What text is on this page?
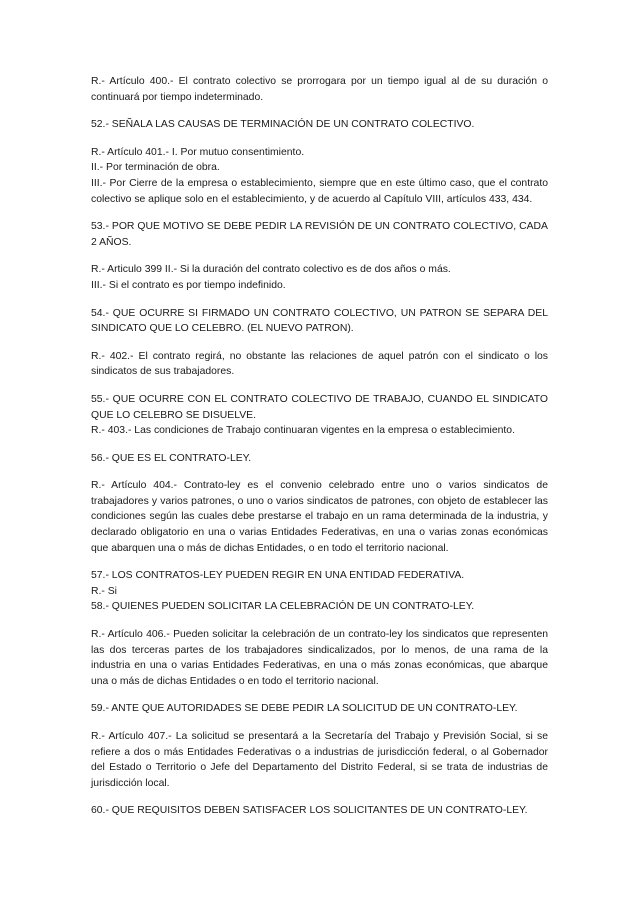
R.- Artículo 400.- El contrato colectivo se prorrogara por un tiempo igual al de su duración o continuará por tiempo indeterminado.

52.- SEÑALA LAS CAUSAS DE TERMINACIÓN DE UN CONTRATO COLECTIVO.

R.- Artículo 401.- I. Por mutuo consentimiento.

II.- Por terminación de obra.

III.- Por Cierre de la empresa o establecimiento, siempre que en este último caso, que el contrato colectivo se aplique solo en el establecimiento, y de acuerdo al Capítulo VIII, artículos 433, 434.

53.- POR QUE MOTIVO SE DEBE PEDIR LA REVISIÓN DE UN CONTRATO COLECTIVO, CADA 2 AÑOS.

R.- Articulo 399 II.- Si la duración del contrato colectivo es de dos años o más.

III.- Si el contrato es por tiempo indefinido.

54.- QUE OCURRE SI FIRMADO UN CONTRATO COLECTIVO, UN PATRON SE SEPARA DEL SINDICATO QUE LO CELEBRO. (EL NUEVO PATRON).

R.- 402.- El contrato regirá, no obstante las relaciones de aquel patrón con el sindicato o los sindicatos de sus trabajadores.

55.- QUE OCURRE CON EL CONTRATO COLECTIVO DE TRABAJO, CUANDO EL SINDICATO QUE LO CELEBRO SE DISUELVE.

R.- 403.- Las condiciones de Trabajo continuaran vigentes en la empresa o establecimiento.

56.- QUE ES EL CONTRATO-LEY.

R.- Artículo 404.- Contrato-ley es el convenio celebrado entre uno o varios sindicatos de trabajadores y varios patrones, o uno o varios sindicatos de patrones, con objeto de establecer las condiciones según las cuales debe prestarse el trabajo en un rama determinada de la industria, y declarado obligatorio en una o varias Entidades Federativas, en una o varias zonas económicas que abarquen una o más de dichas Entidades, o en todo el territorio nacional.

57.- LOS CONTRATOS-LEY PUEDEN REGIR EN UNA ENTIDAD FEDERATIVA.

R.- Si

58.- QUIENES PUEDEN SOLICITAR LA CELEBRACIÓN DE UN CONTRATO-LEY.

R.- Artículo 406.- Pueden solicitar la celebración de un contrato-ley los sindicatos que representen las dos terceras partes de los trabajadores sindicalizados, por lo menos, de una rama de la industria en una o varias Entidades Federativas, en una o más zonas económicas, que abarque una o más de dichas Entidades o en todo el territorio nacional.

59.- ANTE QUE AUTORIDADES SE DEBE PEDIR LA SOLICITUD DE UN CONTRATO-LEY.

R.- Artículo 407.- La solicitud se presentará a la Secretaría del Trabajo y Previsión Social, si se refiere a dos o más Entidades Federativas o a industrias de jurisdicción federal, o al Gobernador del Estado o Territorio o Jefe del Departamento del Distrito Federal, si se trata de industrias de jurisdicción local.

60.- QUE REQUISITOS DEBEN SATISFACER LOS SOLICITANTES DE UN CONTRATO-LEY.
